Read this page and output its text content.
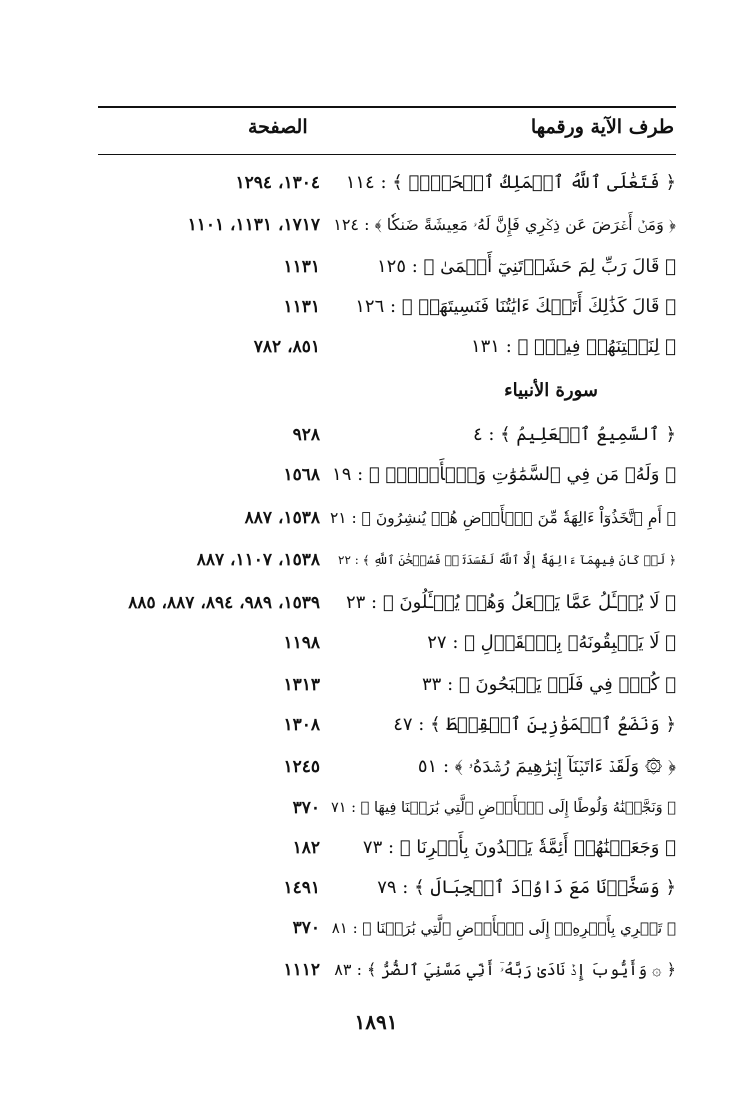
طرف الآية ورقمها
الصفحة
﴿ فَتَعَٰلَى ٱللَّهُ ٱلۡمَلِكُ ٱلۡحَقُّۗ ﴾ : ١١٤
١٣٠٤، ١٢٩٤
﴿ وَمَنۡ أَعۡرَضَ عَن ذِكۡرِي فَإِنَّ لَهُۥ مَعِيشَةً ضَنكٗا ﴾ : ١٢٤
١٧١٧، ١١٣١، ١١٠١
﴿ قَالَ رَبِّ لِمَ حَشَرۡتَنِيٓ أَعۡمَىٰ ﴾ : ١٢٥
١١٣١
﴿ قَالَ كَذَٰلِكَ أَتَتۡكَ ءَايَٰتُنَا فَنَسِيتَهَاۖ ﴾ : ١٢٦
١١٣١
﴿ لِنَفۡتِنَهُمۡ فِيهِۚ ﴾ : ١٣١
٨٥١، ٧٨٢
سورة الأنبياء
﴿ ٱلسَّمِيعُ ٱلۡعَلِيمُ ﴾ : ٤
٩٢٨
﴿ وَلَهُۥ مَن فِي ٱلسَّمَٰوَٰتِ وَٱلۡأَرۡضِۚ ﴾ : ١٩
١٥٦٨
﴿ أَمِ ٱتَّخَذُوٓاْ ءَالِهَةٗ مِّنَ ٱلۡأَرۡضِ هُمۡ يُنشِرُونَ ﴾ : ٢١
١٥٣٨، ٨٨٧
﴿ لَوۡ كَانَ فِيهِمَآ ءَالِهَةٌ إِلَّا ٱللَّهُ لَفَسَدَتَاۚ فَسُبۡحَٰنَ ٱللَّهِ ﴾ : ٢٢
١٥٣٨، ١١٠٧، ٨٨٧
﴿ لَا يُسۡـَٔلُ عَمَّا يَفۡعَلُ وَهُمۡ يُسۡـَٔلُونَ ﴾ : ٢٣
١٥٣٩، ٩٨٩، ٨٩٤، ٨٨٧، ٨٨٥
﴿ لَا يَسۡبِقُونَهُۥ بِٱلۡقَوۡلِ ﴾ : ٢٧
١١٩٨
﴿ كُلّٞ فِي فَلَكٖ يَسۡبَحُونَ ﴾ : ٣٣
١٣١٣
﴿ وَنَضَعُ ٱلۡمَوَٰزِينَ ٱلۡقِسۡطَ ﴾ : ٤٧
١٣٠٨
﴿ ۞ وَلَقَدۡ ءَاتَيۡنَآ إِبۡرَٰهِيمَ رُشۡدَهُۥ ﴾ : ٥١
١٢٤٥
﴿ وَنَجَّيۡنَٰهُ وَلُوطًا إِلَى ٱلۡأَرۡضِ ٱلَّتِي بَٰرَكۡنَا فِيهَا ﴾ : ٧١
٣٧٠
﴿ وَجَعَلۡنَٰهُمۡ أَئِمَّةٗ يَهۡدُونَ بِأَمۡرِنَا ﴾ : ٧٣
١٨٢
﴿ وَسَخَّرۡنَا مَعَ دَاوُۥدَ ٱلۡجِبَالَ ﴾ : ٧٩
١٤٩١
﴿ تَجۡرِي بِأَمۡرِهِۦٓ إِلَى ٱلۡأَرۡضِ ٱلَّتِي بَٰرَكۡنَا ﴾ : ٨١
٣٧٠
﴿ ۞ وَأَيُّوبَ إِذۡ نَادَىٰ رَبَّهُۥٓ أَنِّي مَسَّنِيَ ٱلضُّرُّ ﴾ : ٨٣
١١١٢
١٨٩١
